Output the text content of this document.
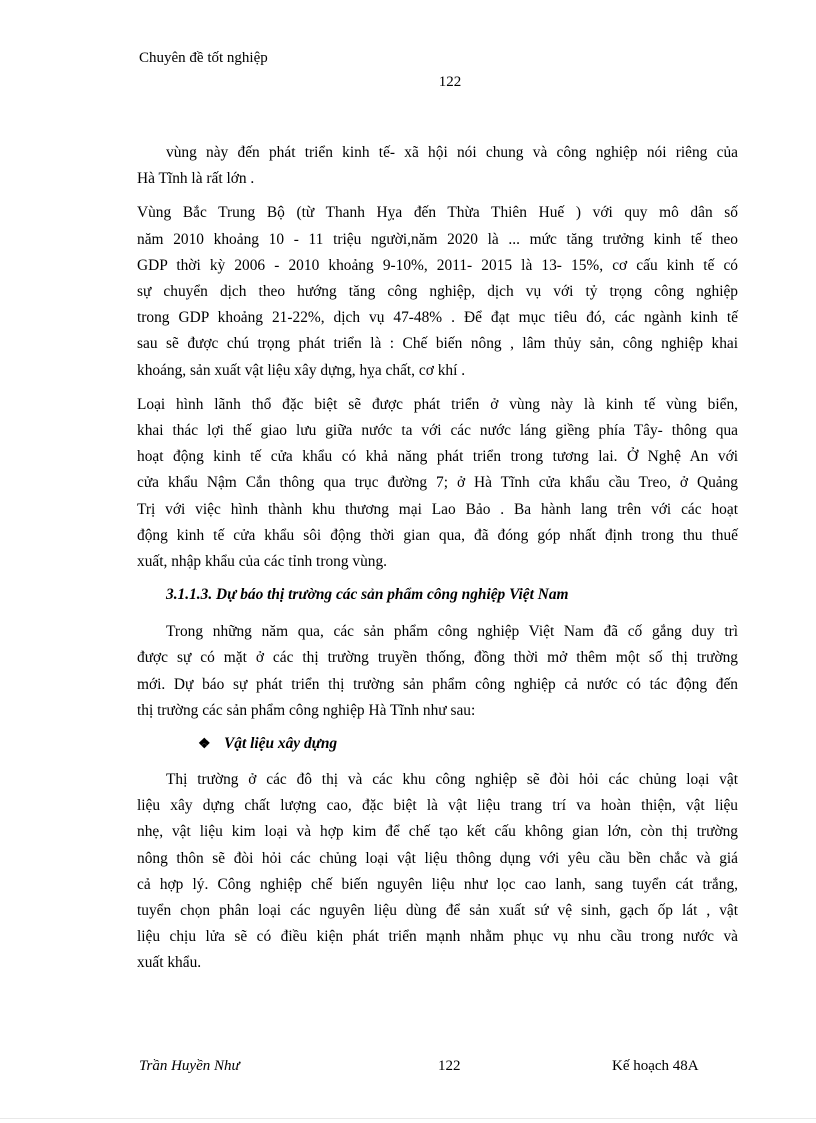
Chuyên đề tốt nghiệp
122
vùng này đến phát triển kinh tế- xã hội nói chung và công nghiệp nói riêng của
Hà Tĩnh là rất lớn .
Vùng Bắc Trung Bộ (từ Thanh Hỵa đến Thừa Thiên Huế ) với quy mô dân số
năm 2010 khoảng 10 - 11 triệu người,năm 2020 là ... mức tăng trưởng kinh tế theo
GDP thời kỳ 2006 - 2010 khoảng 9-10%, 2011- 2015 là 13- 15%, cơ cấu kinh tế có
sự chuyển dịch theo hướng tăng công nghiệp, dịch vụ với tỷ trọng công nghiệp
trong GDP khoảng 21-22%, dịch vụ 47-48% . Để đạt mục tiêu đó, các ngành kinh tế
sau sẽ được chú trọng phát triển là : Chế biến nông , lâm thủy sản, công nghiệp khai
khoáng, sản xuất vật liệu xây dựng, hỵa chất, cơ khí .
Loại hình lãnh thổ đặc biệt sẽ được phát triển ở vùng này là kinh tế vùng biển,
khai thác lợi thế giao lưu giữa nước ta với các nước láng giềng phía Tây- thông qua
hoạt động kinh tế cửa khẩu có khả năng phát triển trong tương lai. Ở Nghệ An với
cửa khẩu Nậm Cắn thông qua trục đường 7; ở Hà Tĩnh cửa khẩu cầu Treo, ở Quảng
Trị với việc hình thành khu thương mại Lao Bảo . Ba hành lang trên với các hoạt
động kinh tế cửa khẩu sôi động thời gian qua, đã đóng góp nhất định trong thu thuế
xuất, nhập khẩu của các tỉnh trong vùng.
3.1.1.3. Dự báo thị trường các sản phẩm công nghiệp Việt Nam
Trong những năm qua, các sản phẩm công nghiệp Việt Nam đã cố gắng duy trì
được sự có mặt ở các thị trường truyền thống, đồng thời mở thêm một số thị trường
mới. Dự báo sự phát triển thị trường sản phẩm công nghiệp cả nước có tác động đến
thị trường các sản phẩm công nghiệp Hà Tĩnh như sau:
❖ Vật liệu xây dựng
Thị trường ở các đô thị và các khu công nghiệp sẽ đòi hỏi các chủng loại vật
liệu xây dựng chất lượng cao, đặc biệt là vật liệu trang trí va hoàn thiện, vật liệu
nhẹ, vật liệu kim loại và hợp kim để chế tạo kết cấu không gian lớn, còn thị trường
nông thôn sẽ đòi hỏi các chủng loại vật liệu thông dụng với yêu cầu bền chắc và giá
cả hợp lý. Công nghiệp chế biến nguyên liệu như lọc cao lanh, sang tuyển cát trắng,
tuyển chọn phân loại các nguyên liệu dùng để sản xuất sứ vệ sinh, gạch ốp lát , vật
liệu chịu lửa sẽ có điều kiện phát triển mạnh nhằm phục vụ nhu cầu trong nước và
xuất khẩu.
Trần Huyền Như	122	Kế hoạch 48A
